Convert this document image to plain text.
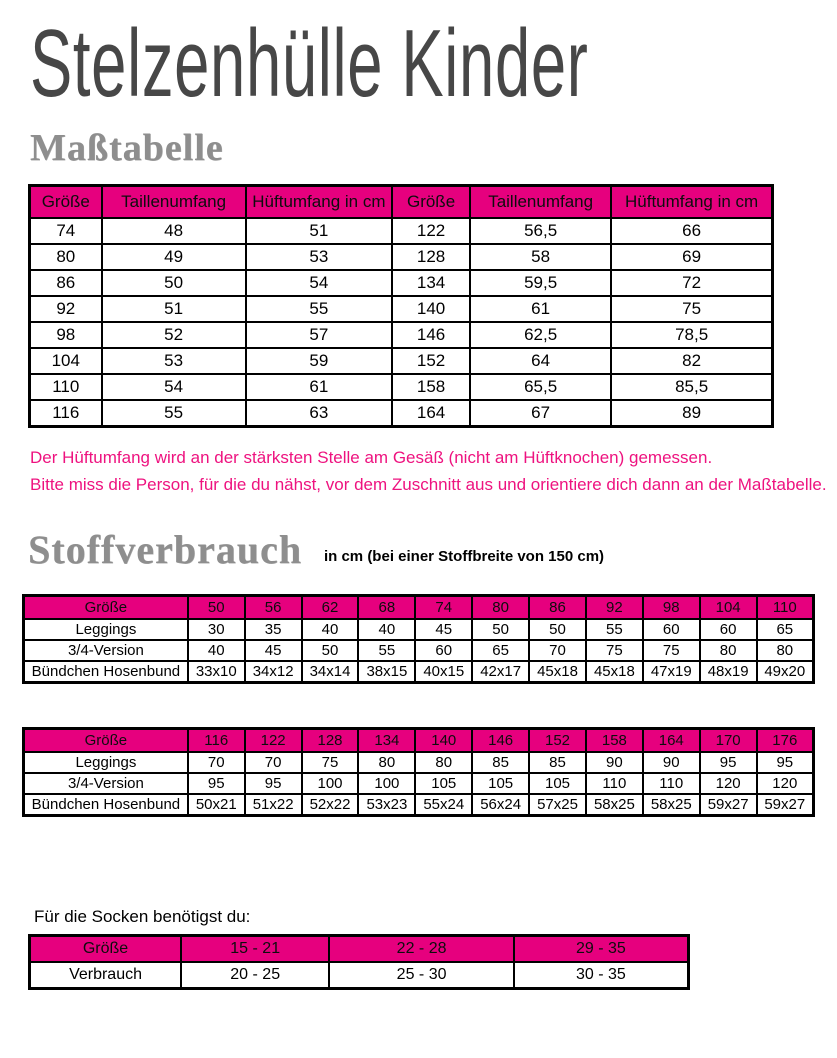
Stelzenhülle Kinder
Maßtabelle
Größe	Taillenumfang	Hüftumfang in cm	Größe	Taillenumfang	Hüftumfang in cm
74	48	51	122	56,5	66
80	49	53	128	58	69
86	50	54	134	59,5	72
92	51	55	140	61	75
98	52	57	146	62,5	78,5
104	53	59	152	64	82
110	54	61	158	65,5	85,5
116	55	63	164	67	89

Der Hüftumfang wird an der stärksten Stelle am Gesäß (nicht am Hüftknochen) gemessen.

Bitte miss die Person, für die du nähst, vor dem Zuschnitt aus und orientiere dich dann an der Maßtabelle.

Stoffverbrauch in cm (bei einer Stoffbreite von 150 cm)
Größe	50	56	62	68	74	80	86	92	98	104	110
Leggings	30	35	40	40	45	50	50	55	60	60	65
3/4-Version	40	45	50	55	60	65	70	75	75	80	80
Bündchen Hosenbund	33x10	34x12	34x14	38x15	40x15	42x17	45x18	45x18	47x19	48x19	49x20
Größe	116	122	128	134	140	146	152	158	164	170	176
Leggings	70	70	75	80	80	85	85	90	90	95	95
3/4-Version	95	95	100	100	105	105	105	110	110	120	120
Bündchen Hosenbund	50x21	51x22	52x22	53x23	55x24	56x24	57x25	58x25	58x25	59x27	59x27

Für die Socken benötigst du:

Größe	15 - 21	22 - 28	29 - 35
Verbrauch	20 - 25	25 - 30	30 - 35
